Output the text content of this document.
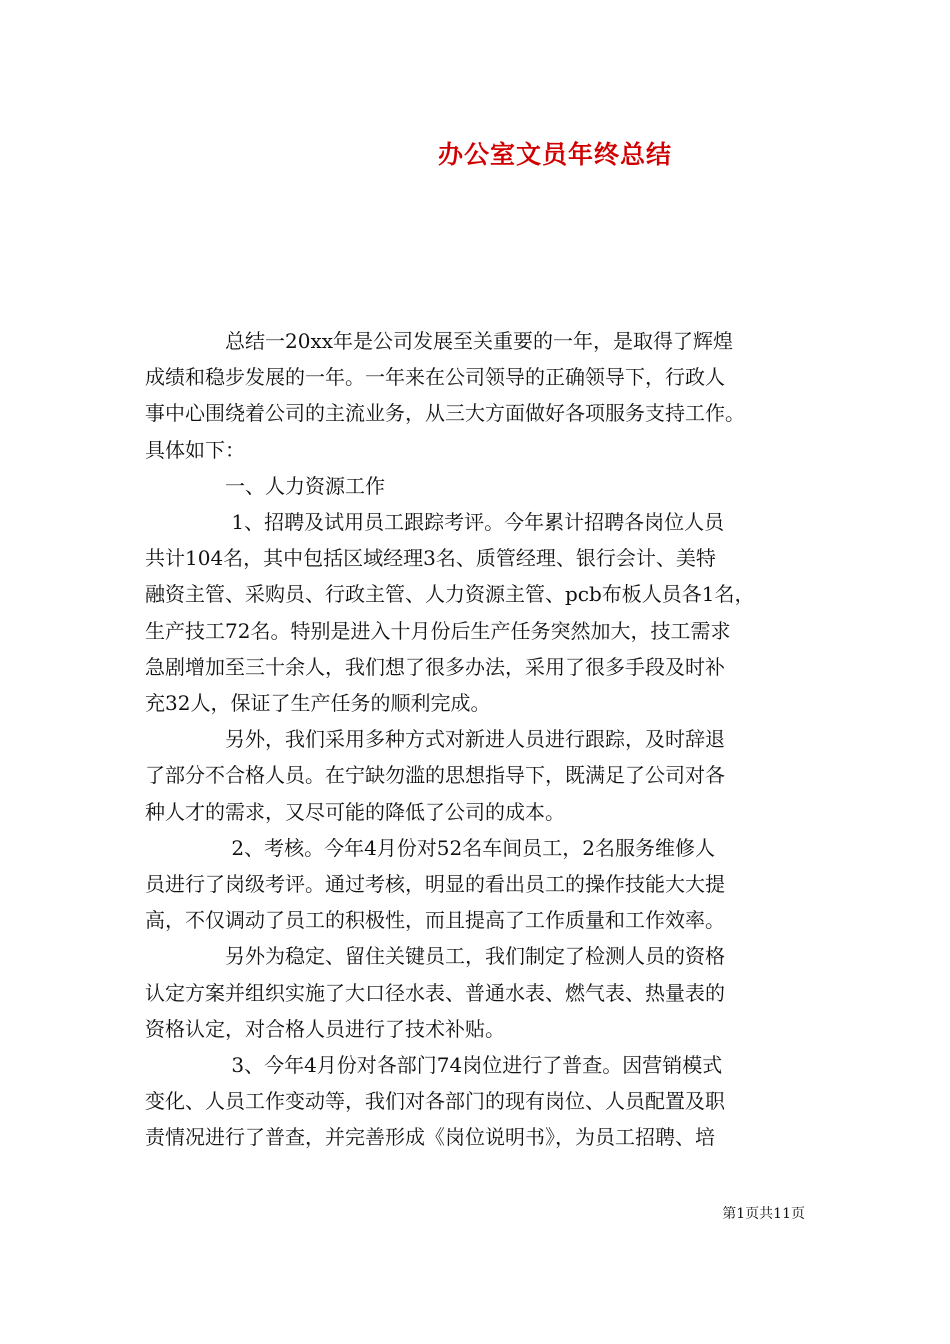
办公室文员年终总结
　　　　总结一20xx年是公司发展至关重要的一年，是取得了辉煌
成绩和稳步发展的一年。一年来在公司领导的正确领导下，行政人
事中心围绕着公司的主流业务，从三大方面做好各项服务支持工作。
具体如下：
　　　　一、人力资源工作
　　　　 1、招聘及试用员工跟踪考评。今年累计招聘各岗位人员
共计104名，其中包括区域经理3名、质管经理、银行会计、美特
融资主管、采购员、行政主管、人力资源主管、pcb布板人员各1名，
生产技工72名。特别是进入十月份后生产任务突然加大，技工需求
急剧增加至三十余人，我们想了很多办法，采用了很多手段及时补
充32人，保证了生产任务的顺利完成。
　　　　另外，我们采用多种方式对新进人员进行跟踪，及时辞退
了部分不合格人员。在宁缺勿滥的思想指导下，既满足了公司对各
种人才的需求，又尽可能的降低了公司的成本。
　　　　 2、考核。今年4月份对52名车间员工，2名服务维修人
员进行了岗级考评。通过考核，明显的看出员工的操作技能大大提
高，不仅调动了员工的积极性，而且提高了工作质量和工作效率。
　　　　另外为稳定、留住关键员工，我们制定了检测人员的资格
认定方案并组织实施了大口径水表、普通水表、燃气表、热量表的
资格认定，对合格人员进行了技术补贴。
　　　　 3、今年4月份对各部门74岗位进行了普查。因营销模式
变化、人员工作变动等，我们对各部门的现有岗位、人员配置及职
责情况进行了普查，并完善形成《岗位说明书》，为员工招聘、培
第1页共11页
